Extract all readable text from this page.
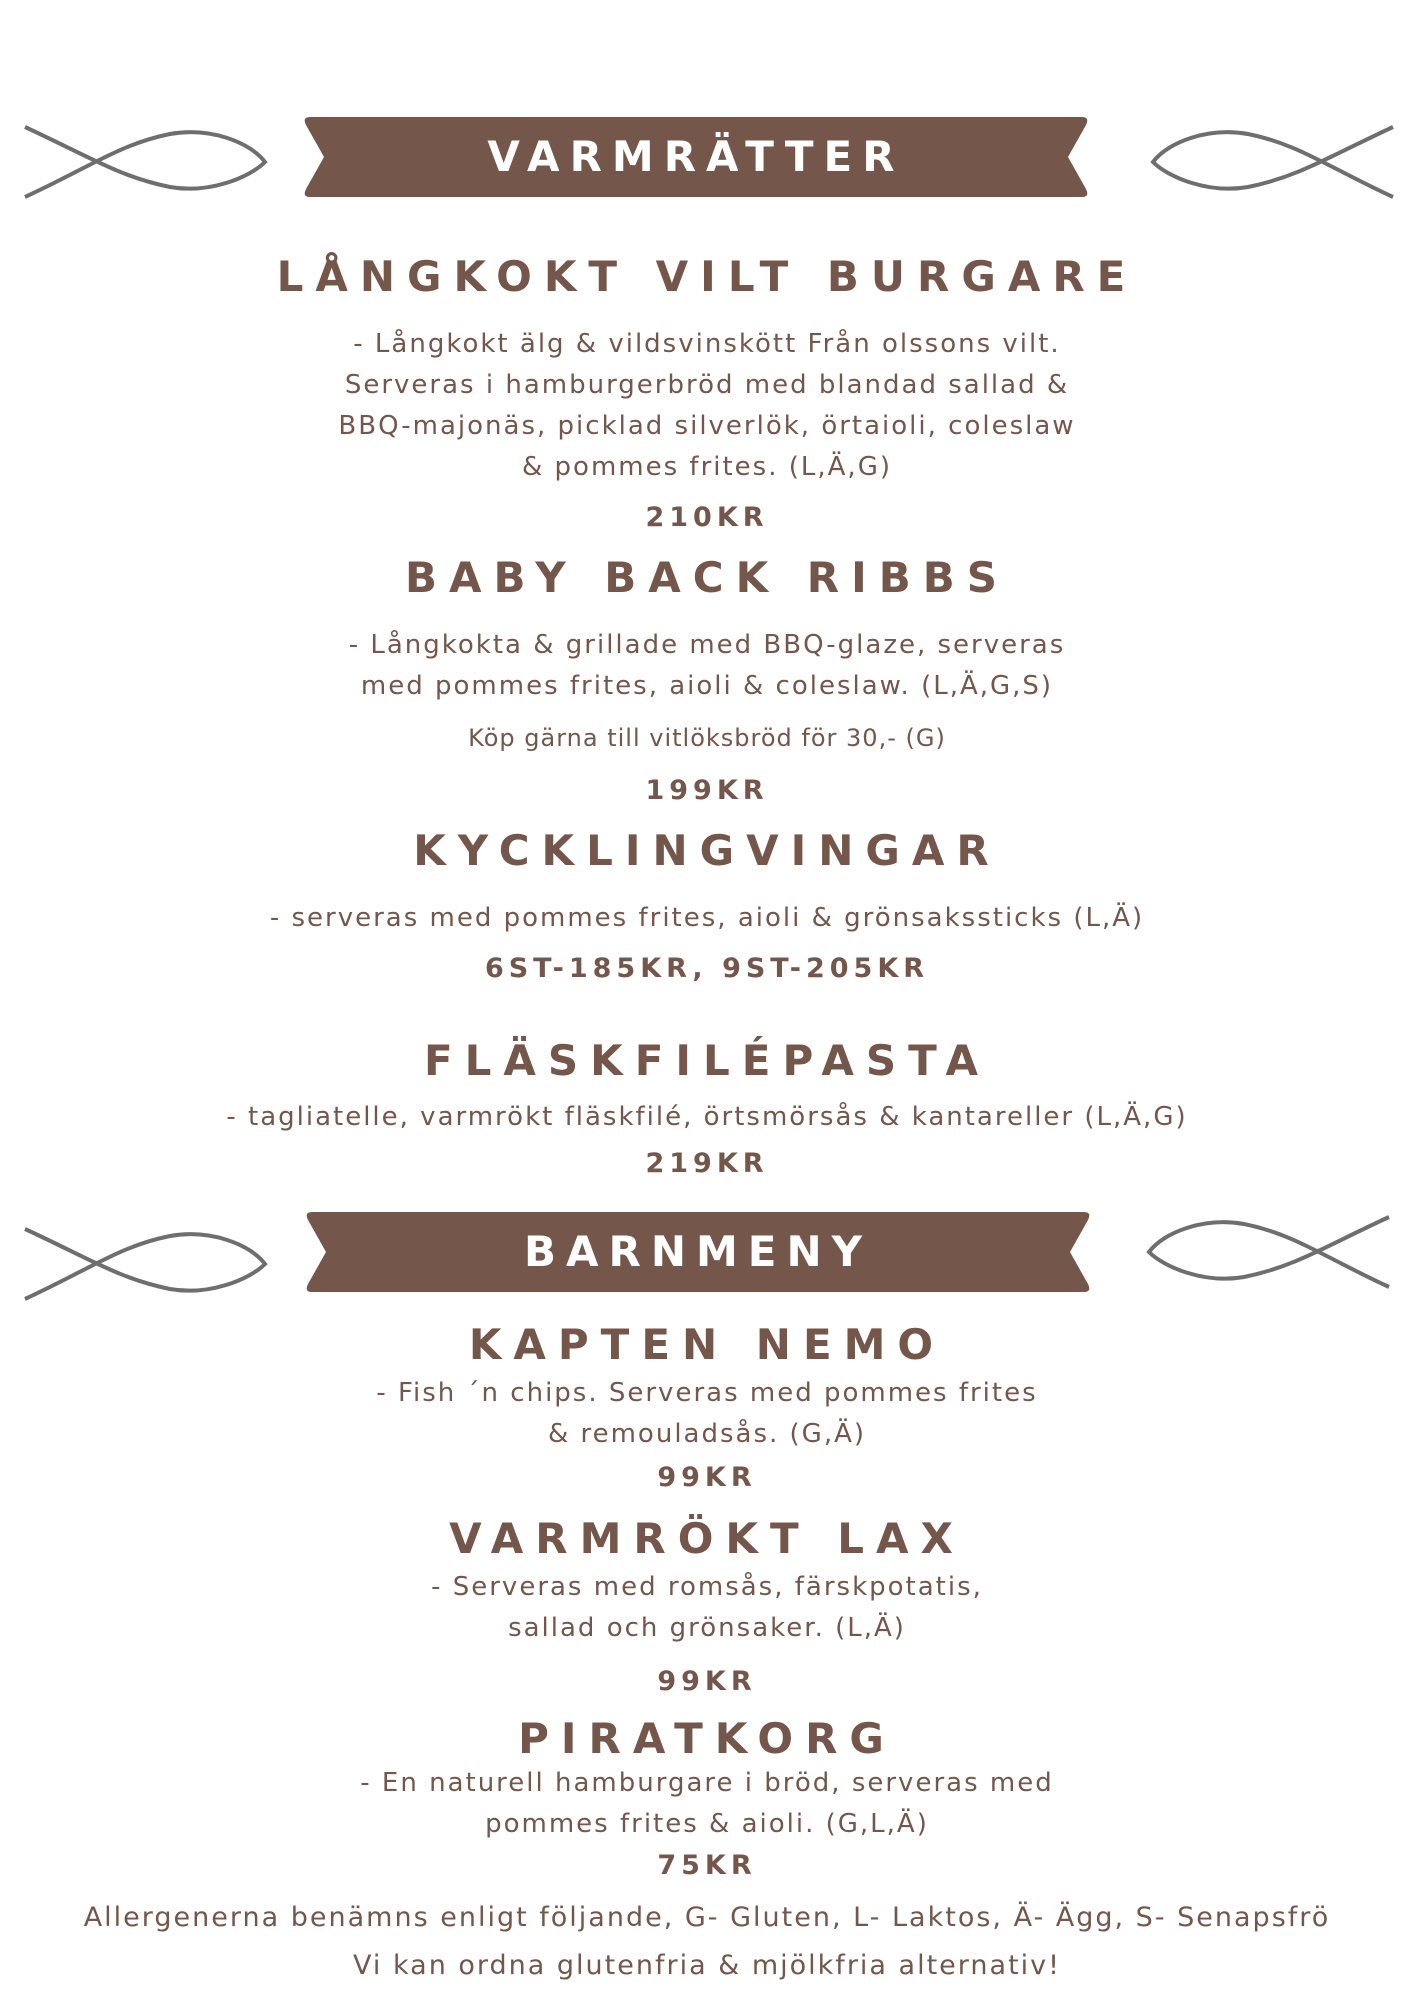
VARMRÄTTER
LÅNGKOKT VILT BURGARE
- Långkokt älg & vildsvinskött Från olssons vilt.
Serveras i hamburgerbröd med blandad sallad &
BBQ-majonäs, picklad silverlök, örtaioli, coleslaw
& pommes frites. (L,Ä,G)
210KR
BABY BACK RIBBS
- Långkokta & grillade med BBQ-glaze, serveras
med pommes frites, aioli & coleslaw. (L,Ä,G,S)
Köp gärna till vitlöksbröd för 30,- (G)
199KR
KYCKLINGVINGAR
- serveras med pommes frites, aioli & grönsakssticks (L,Ä)
6ST-185KR, 9ST-205KR
FLÄSKFILÉPASTA
- tagliatelle, varmrökt fläskfilé, örtsmörsås & kantareller (L,Ä,G)
219KR
BARNMENY
KAPTEN NEMO
- Fish ´n chips. Serveras med pommes frites
& remouladsås. (G,Ä)
99KR
VARMRÖKT LAX
- Serveras med romsås, färskpotatis,
sallad och grönsaker. (L,Ä)
99KR
PIRATKORG
- En naturell hamburgare i bröd, serveras med
pommes frites & aioli. (G,L,Ä)
75KR
Allergenerna benämns enligt följande, G- Gluten, L- Laktos, Ä- Ägg, S- Senapsfrö
Vi kan ordna glutenfria & mjölkfria alternativ!
